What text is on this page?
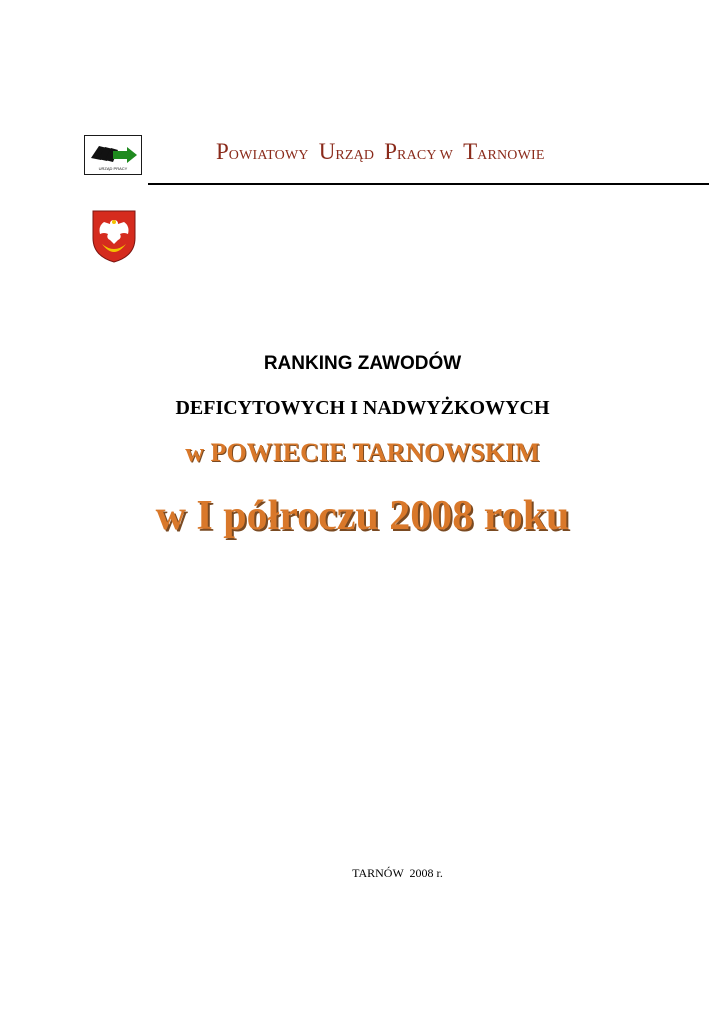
URZĄD PRACY
POWIATOWY URZĄD PRACY W TARNOWIE
RANKING ZAWODÓW
DEFICYTOWYCH I NADWYŻKOWYCH
w POWIECIE TARNOWSKIM
w I półroczu 2008 roku
TARNÓW  2008 r.
